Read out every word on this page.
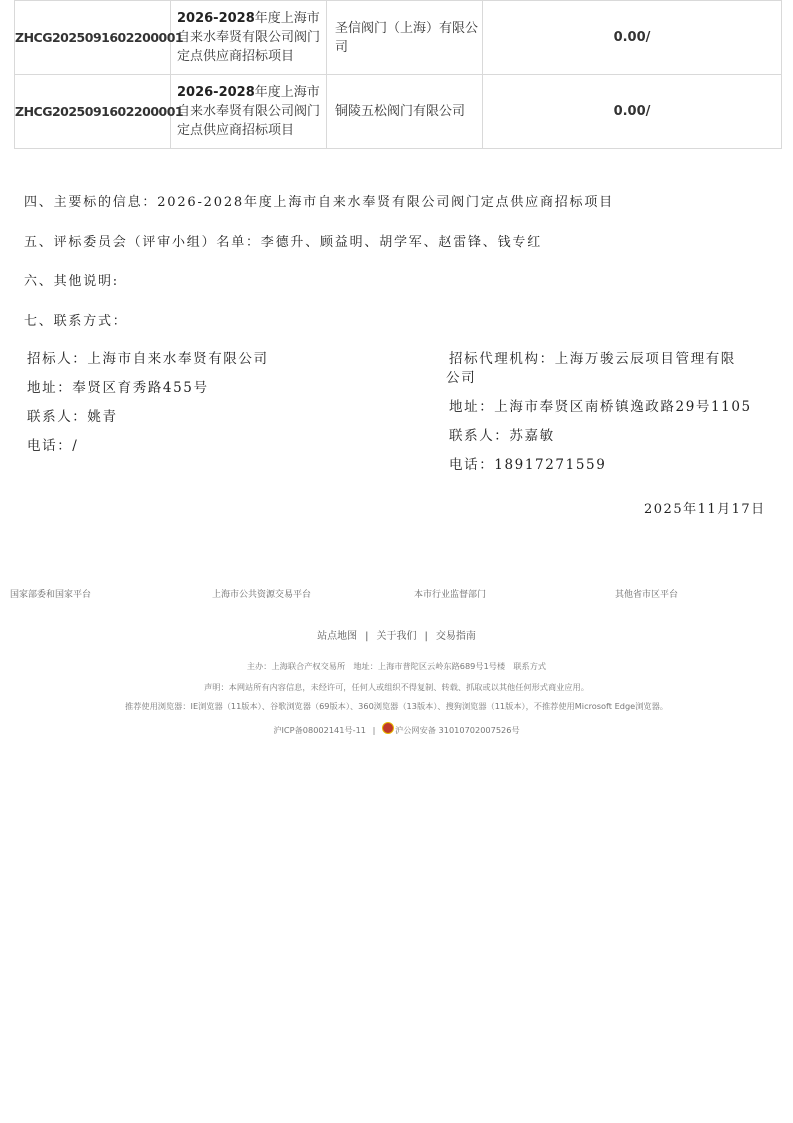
ZHCG2025091602200001	2026-2028年度上海市自来水奉贤有限公司阀门定点供应商招标项目	圣信阀门（上海）有限公司	0.00/
ZHCG2025091602200001	2026-2028年度上海市自来水奉贤有限公司阀门定点供应商招标项目	铜陵五松阀门有限公司	0.00/
四、主要标的信息：2026-2028年度上海市自来水奉贤有限公司阀门定点供应商招标项目
五、评标委员会（评审小组）名单：李德升、顾益明、胡学军、赵雷锋、钱专红
六、其他说明:
七、联系方式：
招标人：上海市自来水奉贤有限公司
地址：奉贤区育秀路455号
联系人：姚青
电话：/
招标代理机构：上海万骏云辰项目管理有限
公司
地址：上海市奉贤区南桥镇逸政路29号1105
联系人：苏嘉敏
电话：18917271559
2025年11月17日
国家部委和国家平台	上海市公共资源交易平台	本市行业监督部门	其他省市区平台
站点地图 | 关于我们 | 交易指南
主办：上海联合产权交易所　地址：上海市普陀区云岭东路689号1号楼　联系方式
声明：本网站所有内容信息，未经许可，任何人或组织不得复制、转载、抓取或以其他任何形式商业应用。
推荐使用浏览器：IE浏览器（11版本）、谷歌浏览器（69版本）、360浏览器（13版本）、搜狗浏览器（11版本），不推荐使用Microsoft Edge浏览器。
沪ICP备08002141号-11 | 沪公网安备 31010702007526号
